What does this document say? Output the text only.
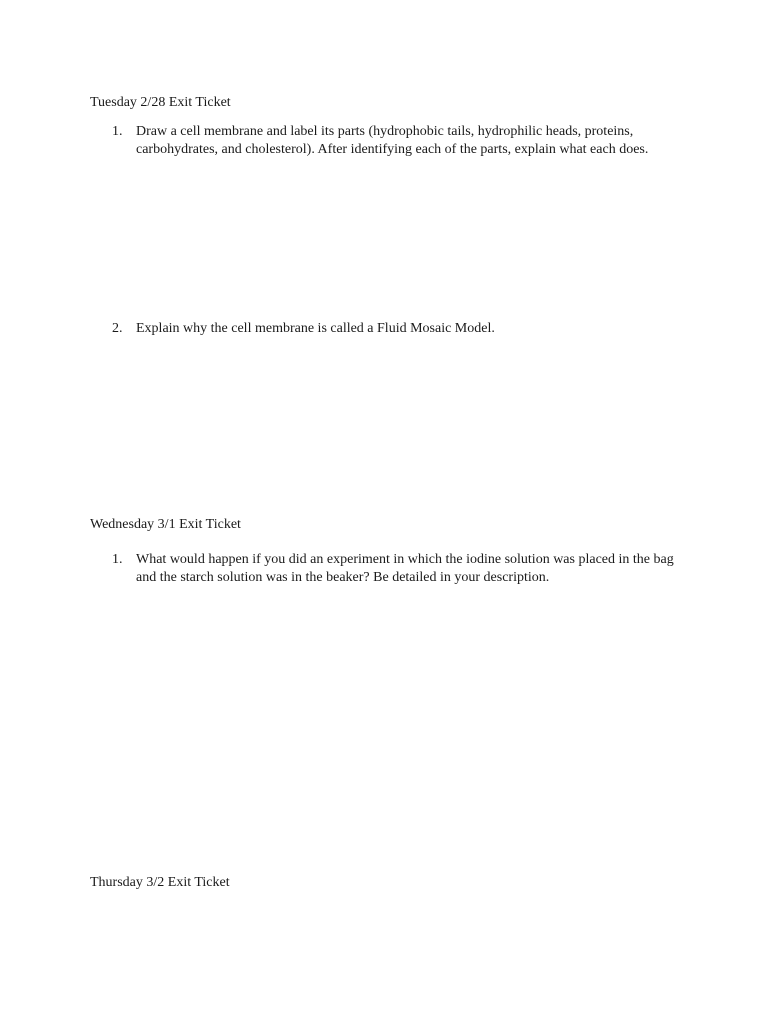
Tuesday 2/28 Exit Ticket
1. Draw a cell membrane and label its parts (hydrophobic tails, hydrophilic heads, proteins, carbohydrates, and cholesterol). After identifying each of the parts, explain what each does.
2. Explain why the cell membrane is called a Fluid Mosaic Model.
Wednesday 3/1 Exit Ticket
1. What would happen if you did an experiment in which the iodine solution was placed in the bag and the starch solution was in the beaker? Be detailed in your description.
Thursday 3/2 Exit Ticket
